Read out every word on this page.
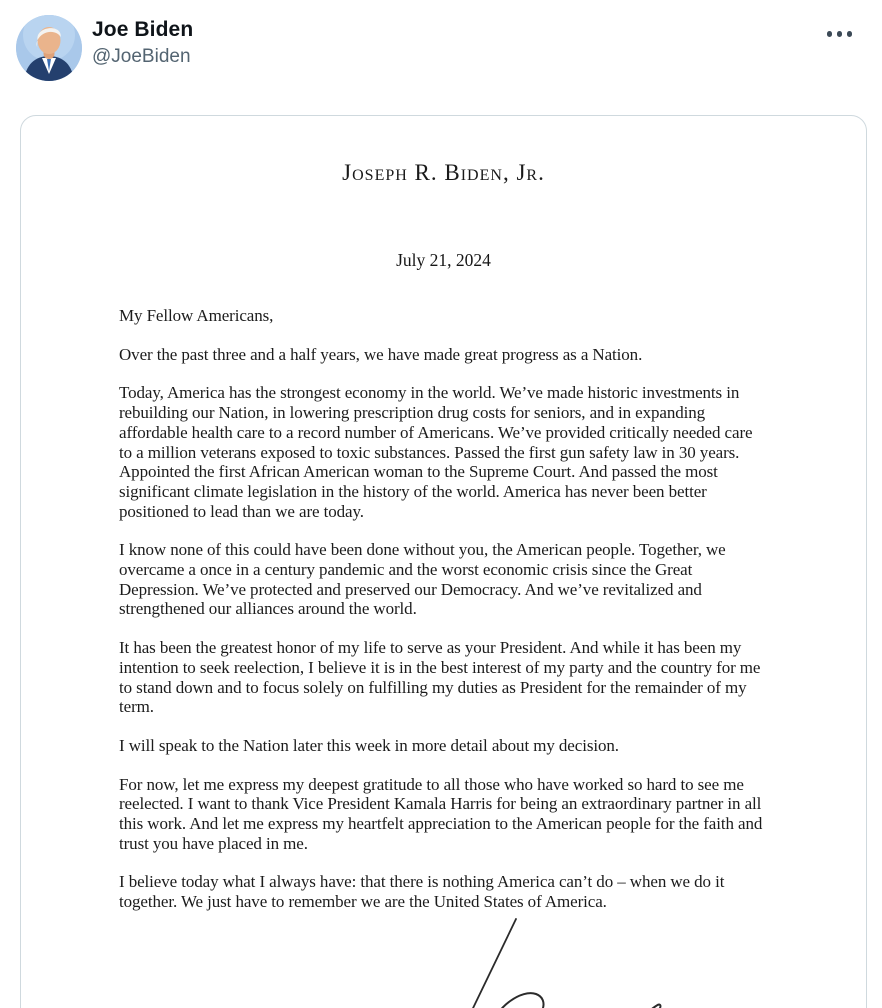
Joe Biden ✓
@JoeBiden
Joseph R. Biden, Jr.
July 21, 2024

My Fellow Americans,

Over the past three and a half years, we have made great progress as a Nation.

Today, America has the strongest economy in the world. We’ve made historic investments in rebuilding our Nation, in lowering prescription drug costs for seniors, and in expanding affordable health care to a record number of Americans. We’ve provided critically needed care to a million veterans exposed to toxic substances. Passed the first gun safety law in 30 years. Appointed the first African American woman to the Supreme Court. And passed the most significant climate legislation in the history of the world. America has never been better positioned to lead than we are today.

I know none of this could have been done without you, the American people. Together, we overcame a once in a century pandemic and the worst economic crisis since the Great Depression. We’ve protected and preserved our Democracy. And we’ve revitalized and strengthened our alliances around the world.

It has been the greatest honor of my life to serve as your President. And while it has been my intention to seek reelection, I believe it is in the best interest of my party and the country for me to stand down and to focus solely on fulfilling my duties as President for the remainder of my term.

I will speak to the Nation later this week in more detail about my decision.

For now, let me express my deepest gratitude to all those who have worked so hard to see me reelected. I want to thank Vice President Kamala Harris for being an extraordinary partner in all this work. And let me express my heartfelt appreciation to the American people for the faith and trust you have placed in me.

I believe today what I always have: that there is nothing America can’t do – when we do it together. We just have to remember we are the United States of America.
